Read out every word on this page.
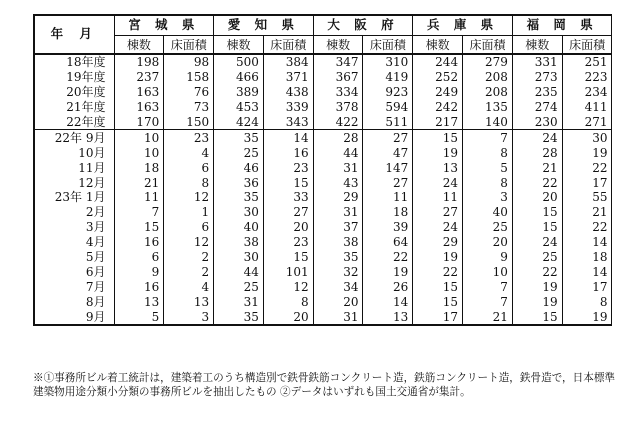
年 月	宮 城 県		愛 知 県		大 阪 府		兵 庫 県		福 岡 県	
	棟数	床面積	棟数	床面積	棟数	床面積	棟数	床面積	棟数	床面積
18年度	198	98	500	384	347	310	244	279	331	251
19年度	237	158	466	371	367	419	252	208	273	223
20年度	163	76	389	438	334	923	249	208	235	234
21年度	163	73	453	339	378	594	242	135	274	411
22年度	170	150	424	343	422	511	217	140	230	271
22年 9月	10	23	35	14	28	27	15	7	24	30
10月	10	4	25	16	44	47	19	8	28	19
11月	18	6	46	23	31	147	13	5	21	22
12月	21	8	36	15	43	27	24	8	22	17
23年 1月	11	12	35	33	29	11	11	3	20	55
2月	7	1	30	27	31	18	27	40	15	21
3月	15	6	40	20	37	39	24	25	15	22
4月	16	12	38	23	38	64	29	20	24	14
5月	6	2	30	15	35	22	19	9	25	18
6月	9	2	44	101	32	19	22	10	22	14
7月	16	4	25	12	34	26	15	7	19	17
8月	13	13	31	8	20	14	15	7	19	8
9月	5	3	35	20	31	13	17	21	15	19
※①事務所ビル着工統計は，建築着工のうち構造別で鉄骨鉄筋コンクリート造，鉄筋コンクリート造，鉄骨造で，日本標準
建築物用途分類小分類の事務所ビルを抽出したもの ②データはいずれも国土交通省が集計。
